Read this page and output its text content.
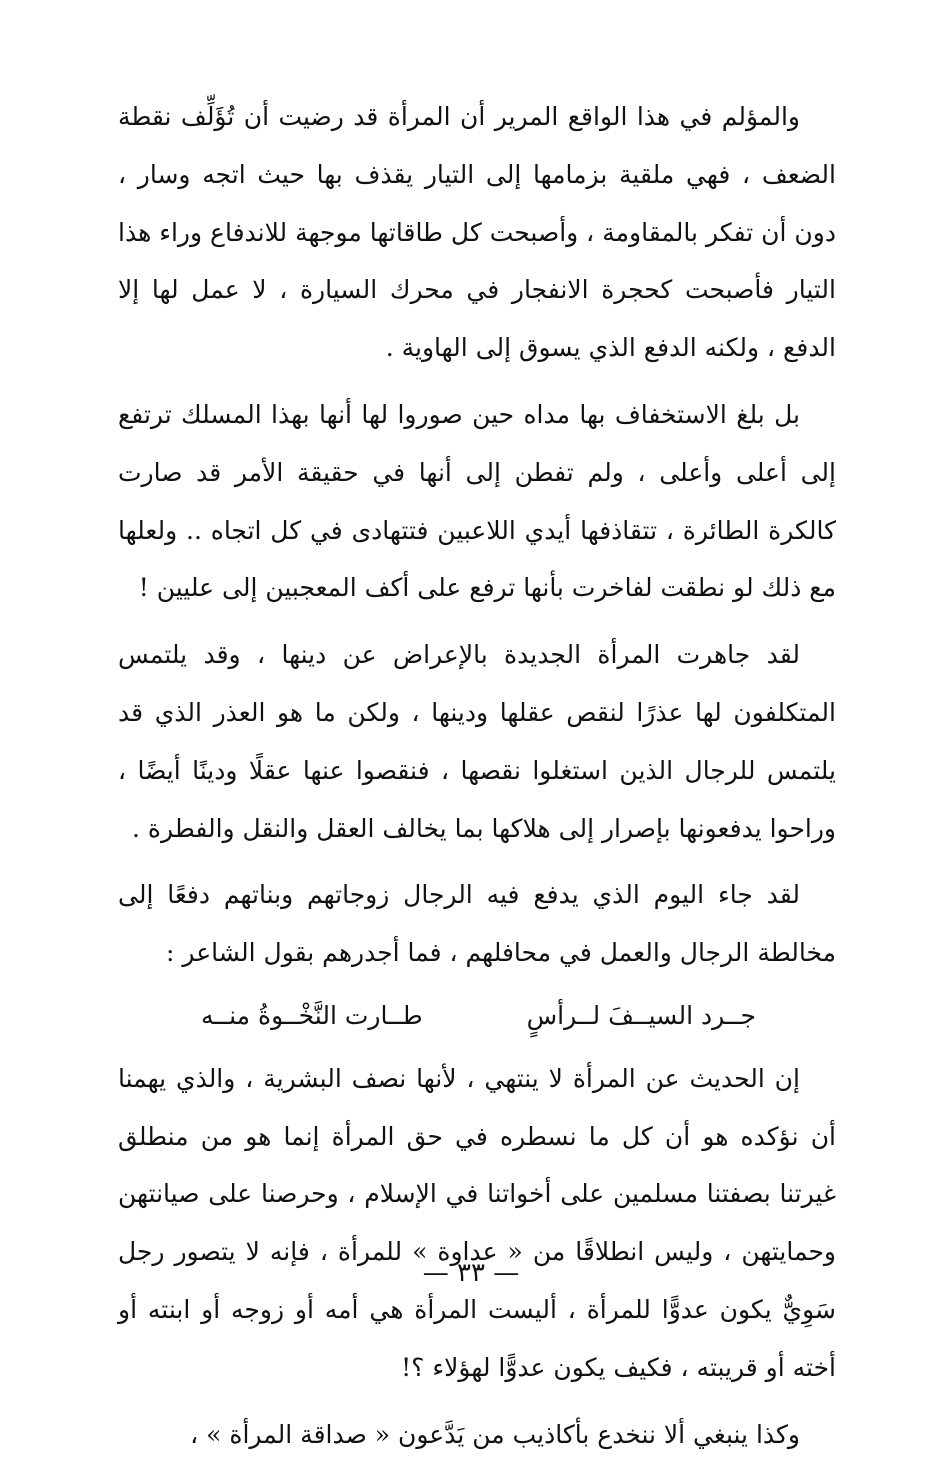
والمؤلم في هذا الواقع المرير أن المرأة قد رضيت أن تُؤَلِّف نقطة الضعف ، فهي ملقية بزمامها إلى التيار يقذف بها حيث اتجه وسار ، دون أن تفكر بالمقاومة ، وأصبحت كل طاقاتها موجهة للاندفاع وراء هذا التيار فأصبحت كحجرة الانفجار في محرك السيارة ، لا عمل لها إلا الدفع ، ولكنه الدفع الذي يسوق إلى الهاوية .

بل بلغ الاستخفاف بها مداه حين صوروا لها أنها بهذا المسلك ترتفع إلى أعلى وأعلى ، ولم تفطن إلى أنها في حقيقة الأمر قد صارت كالكرة الطائرة ، تتقاذفها أيدي اللاعبين فتتهادى في كل اتجاه .. ولعلها مع ذلك لو نطقت لفاخرت بأنها ترفع على أكف المعجبين إلى عليين !

لقد جاهرت المرأة الجديدة بالإعراض عن دينها ، وقد يلتمس المتكلفون لها عذرًا لنقص عقلها ودينها ، ولكن ما هو العذر الذي قد يلتمس للرجال الذين استغلوا نقصها ، فنقصوا عنها عقلًا ودينًا أيضًا ، وراحوا يدفعونها بإصرار إلى هلاكها بما يخالف العقل والنقل والفطرة .

لقد جاء اليوم الذي يدفع فيه الرجال زوجاتهم وبناتهم دفعًا إلى مخالطة الرجال والعمل في محافلهم ، فما أجدرهم بقول الشاعر :

جــرد السيــفَ لــرأسٍ
طــارت النَّخْــوةُ منــه

إن الحديث عن المرأة لا ينتهي ، لأنها نصف البشرية ، والذي يهمنا أن نؤكده هو أن كل ما نسطره في حق المرأة إنما هو من منطلق غيرتنا بصفتنا مسلمين على أخواتنا في الإسلام ، وحرصنا على صيانتهن وحمايتهن ، وليس انطلاقًا من « عداوة » للمرأة ، فإنه لا يتصور رجل سَوِيٌّ يكون عدوًّا للمرأة ، أليست المرأة هي أمه أو زوجه أو ابنته أو أخته أو قريبته ، فكيف يكون عدوًّا لهؤلاء ؟!

وكذا ينبغي ألا ننخدع بأكاذيب من يَدَّعون « صداقة المرأة » ،

— ٣٣ —
